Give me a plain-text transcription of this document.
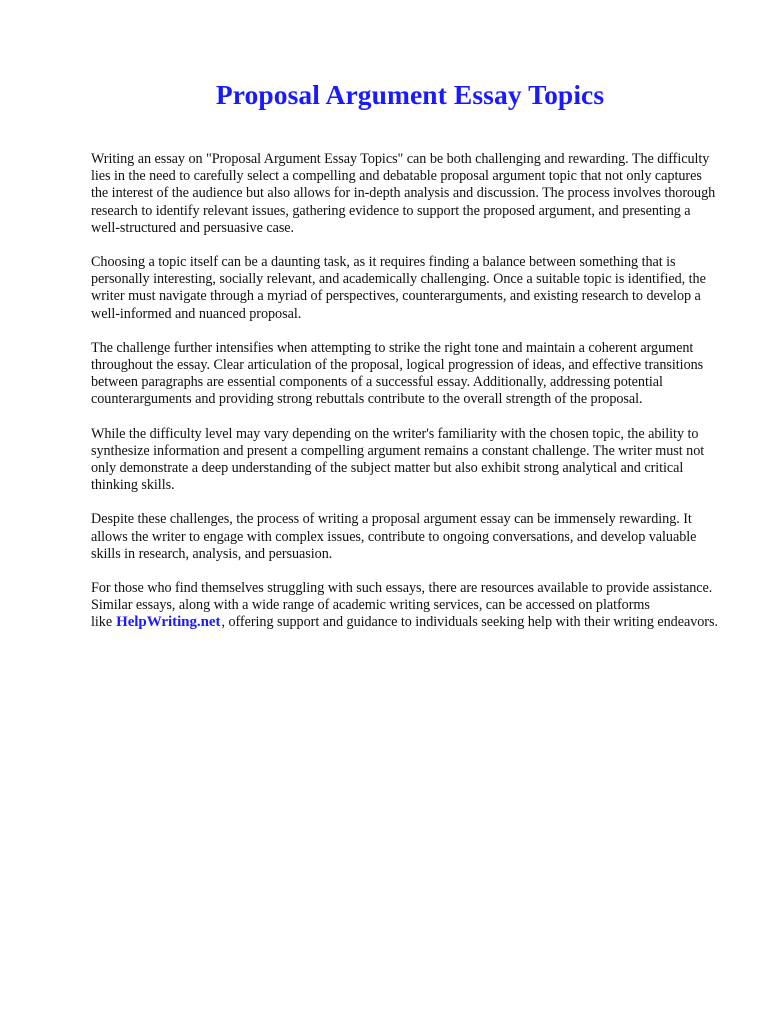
Proposal Argument Essay Topics

Writing an essay on "Proposal Argument Essay Topics" can be both challenging and rewarding. The difficulty lies in the need to carefully select a compelling and debatable proposal argument topic that not only captures the interest of the audience but also allows for in-depth analysis and discussion. The process involves thorough research to identify relevant issues, gathering evidence to support the proposed argument, and presenting a well-structured and persuasive case.

Choosing a topic itself can be a daunting task, as it requires finding a balance between something that is personally interesting, socially relevant, and academically challenging. Once a suitable topic is identified, the writer must navigate through a myriad of perspectives, counterarguments, and existing research to develop a well-informed and nuanced proposal.

The challenge further intensifies when attempting to strike the right tone and maintain a coherent argument throughout the essay. Clear articulation of the proposal, logical progression of ideas, and effective transitions between paragraphs are essential components of a successful essay. Additionally, addressing potential counterarguments and providing strong rebuttals contribute to the overall strength of the proposal.

While the difficulty level may vary depending on the writer's familiarity with the chosen topic, the ability to synthesize information and present a compelling argument remains a constant challenge. The writer must not only demonstrate a deep understanding of the subject matter but also exhibit strong analytical and critical thinking skills.

Despite these challenges, the process of writing a proposal argument essay can be immensely rewarding. It allows the writer to engage with complex issues, contribute to ongoing conversations, and develop valuable skills in research, analysis, and persuasion.

For those who find themselves struggling with such essays, there are resources available to provide assistance. Similar essays, along with a wide range of academic writing services, can be accessed on platforms like HelpWriting.net, offering support and guidance to individuals seeking help with their writing endeavors.
